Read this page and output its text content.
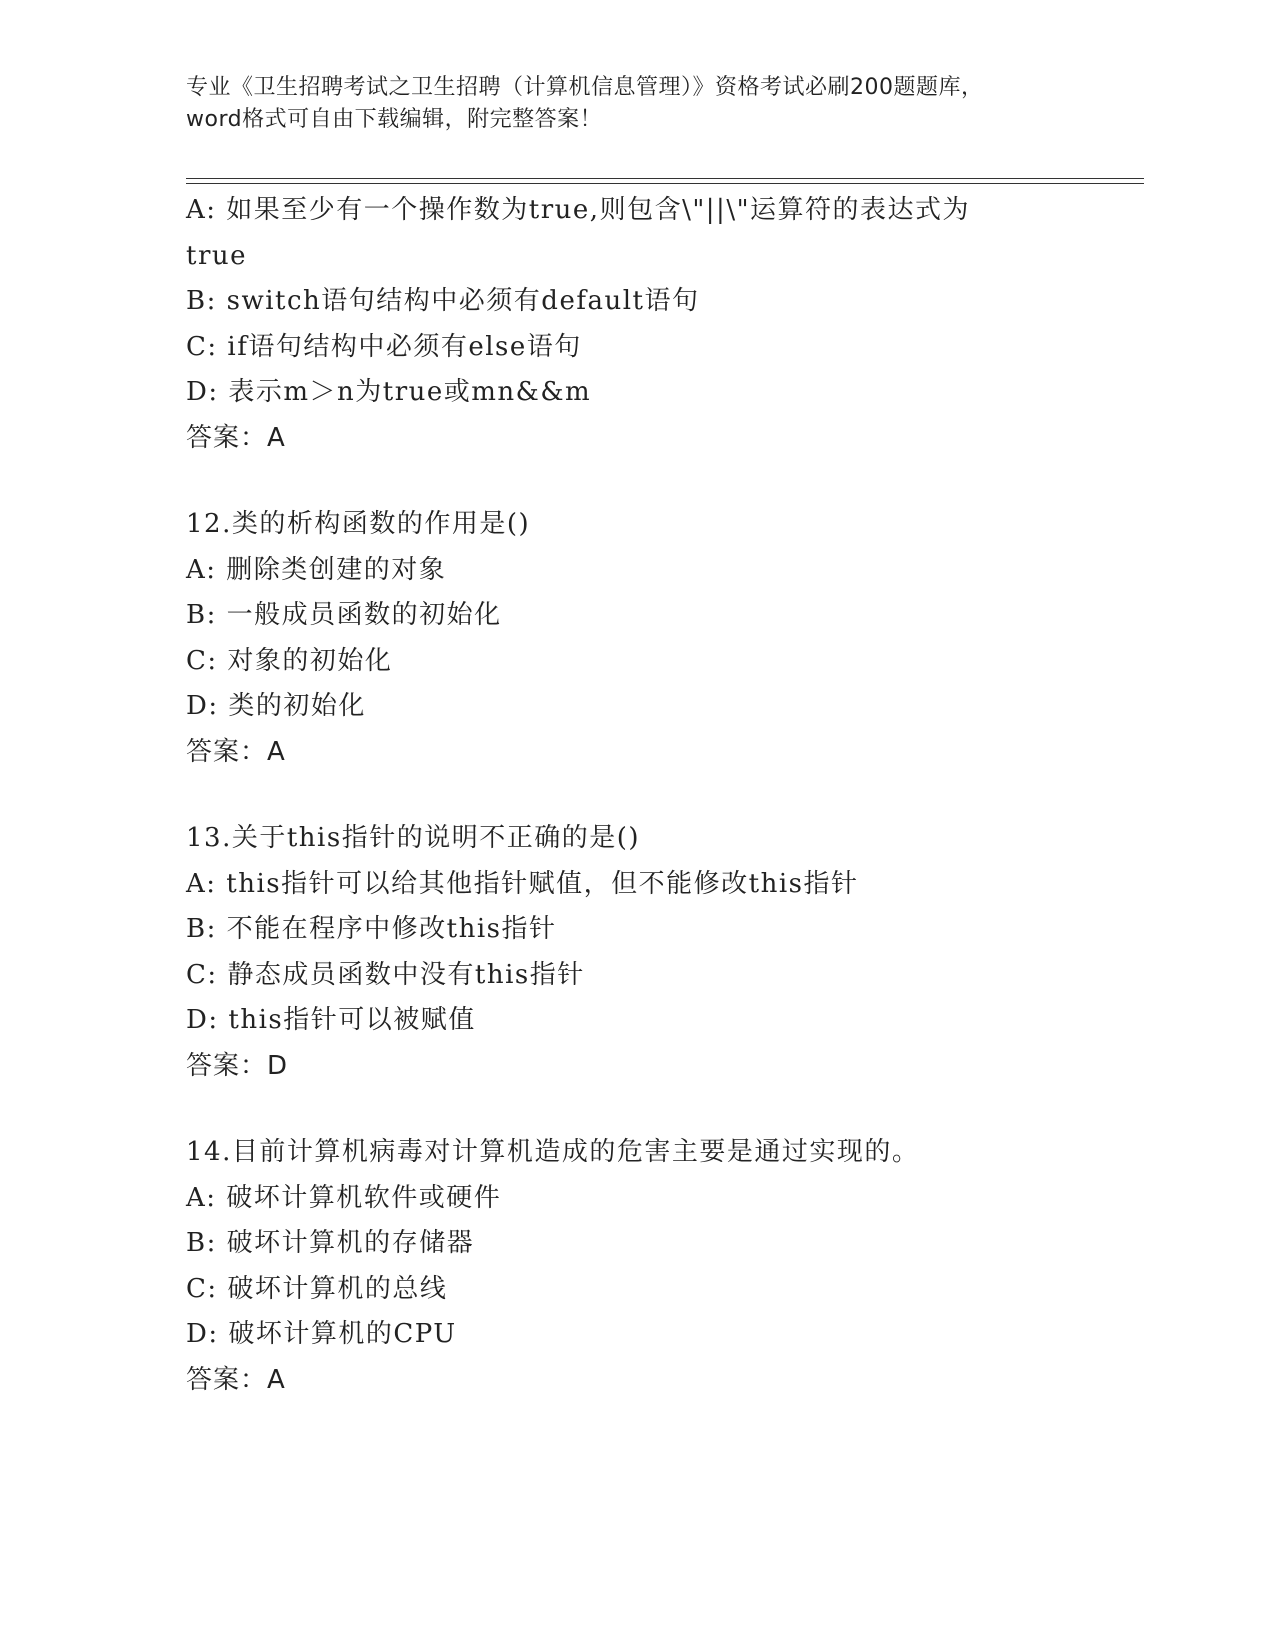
专业《卫生招聘考试之卫生招聘（计算机信息管理）》资格考试必刷200题题库，
word格式可自由下载编辑，附完整答案！
A: 如果至少有一个操作数为true,则包含\"||\"运算符的表达式为
true
B: switch语句结构中必须有default语句
C: if语句结构中必须有else语句
D: 表示m＞n为true或mn&&m
答案：A
12.类的析构函数的作用是()
A: 删除类创建的对象
B: 一般成员函数的初始化
C: 对象的初始化
D: 类的初始化
答案：A
13.关于this指针的说明不正确的是()
A: this指针可以给其他指针赋值，但不能修改this指针
B: 不能在程序中修改this指针
C: 静态成员函数中没有this指针
D: this指针可以被赋值
答案：D
14.目前计算机病毒对计算机造成的危害主要是通过实现的。
A: 破坏计算机软件或硬件
B: 破坏计算机的存储器
C: 破坏计算机的总线
D: 破坏计算机的CPU
答案：A
